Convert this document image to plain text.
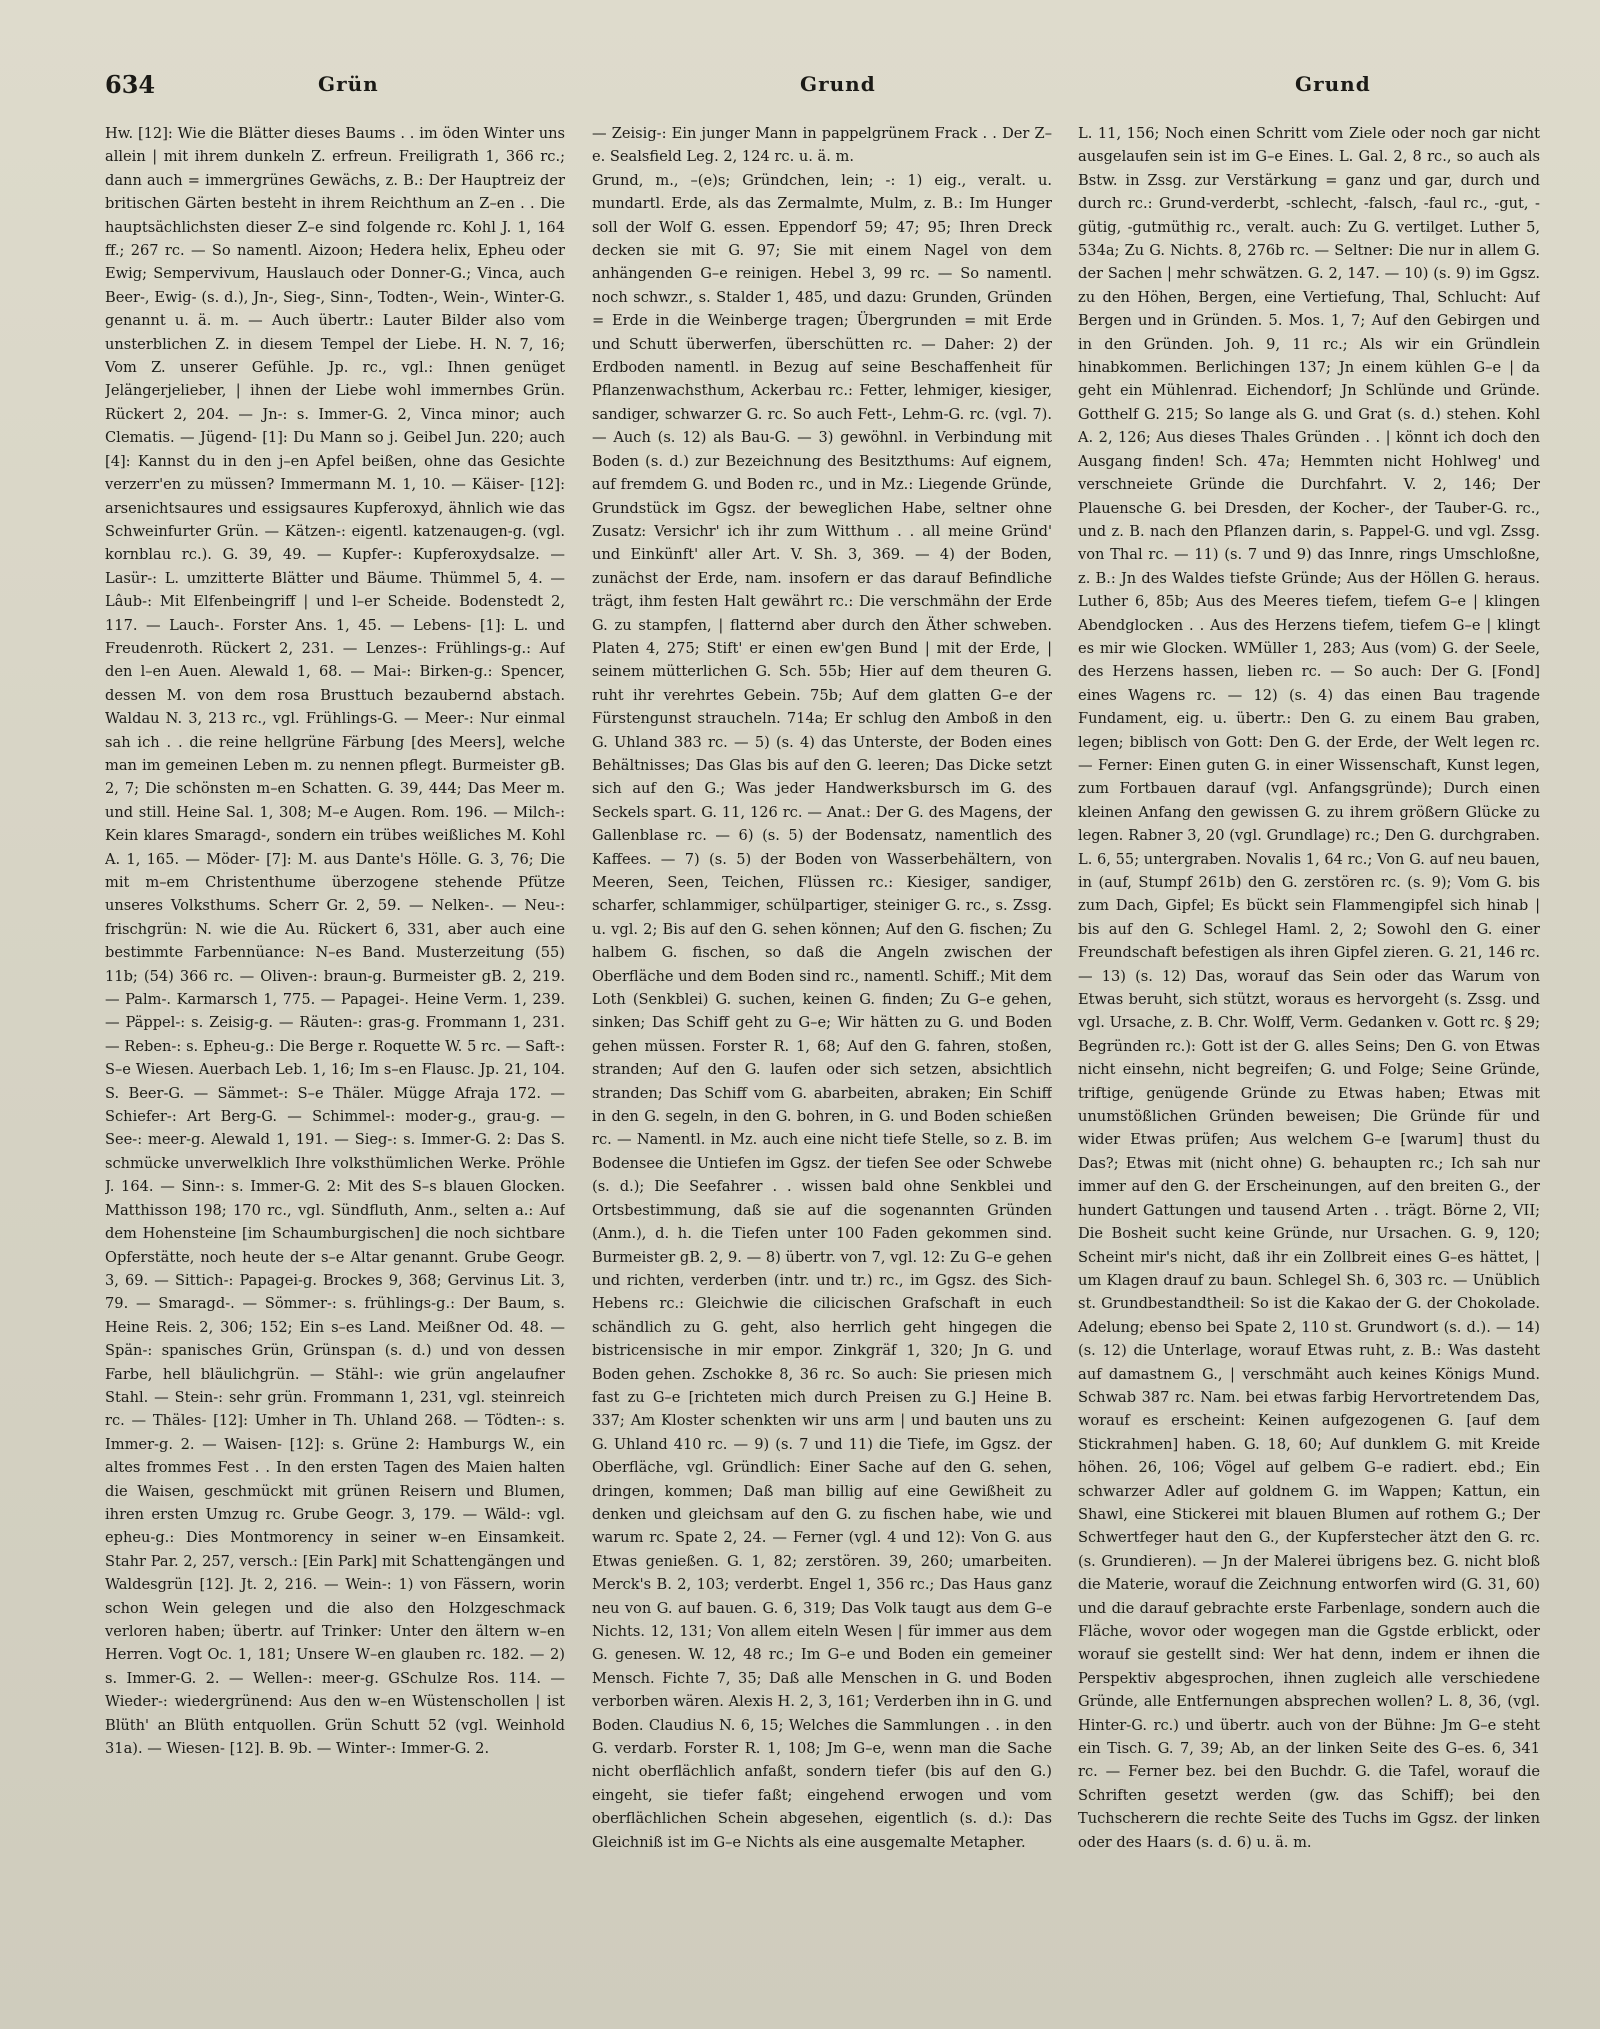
634	Grün	Grund	Grund

Hw. [12]: Wie die Blätter dieses Baums . . im öden Winter uns allein | mit ihrem dunkeln Z. erfreun. Freiligrath 1, 366 rc.; dann auch = immergrünes Gewächs, z. B.: Der Hauptreiz der britischen Gärten besteht in ihrem Reichthum an Z–en . . Die hauptsächlichsten dieser Z–e sind folgende rc. Kohl J. 1, 164 ff.; 267 rc. — So namentl. Aizoon; Hedera helix, Epheu oder Ewig; Sempervivum, Hauslauch oder Donner-G.; Vinca, auch Beer-, Ewig- (s. d.), Jn-, Sieg-, Sinn-, Todten-, Wein-, Winter-G. genannt u. ä. m. — Auch übertr.: Lauter Bilder also vom unsterblichen Z. in diesem Tempel der Liebe. H. N. 7, 16; Vom Z. unserer Gefühle. Jp. rc., vgl.: Ihnen genüget Jelängerjelieber, | ihnen der Liebe wohl immernbes Grün. Rückert 2, 204. — Jn-: s. Immer-G. 2, Vinca minor; auch Clematis. — Jügend- [1]: Du Mann so j. Geibel Jun. 220; auch [4]: Kannst du in den j–en Apfel beißen, ohne das Gesichte verzerr'en zu müssen? Immermann M. 1, 10. — Käiser- [12]: arsenichtsaures und essigsaures Kupferoxyd, ähnlich wie das Schweinfurter Grün. — Kätzen-: eigentl. katzenaugen-g. (vgl. kornblau rc.). G. 39, 49. — Kupfer-: Kupferoxydsalze. — Lasür-: L. umzitterte Blätter und Bäume. Thümmel 5, 4. — Lâub-: Mit Elfenbeingriff | und l–er Scheide. Bodenstedt 2, 117. — Lauch-. Forster Ans. 1, 45. — Lebens- [1]: L. und Freudenroth. Rückert 2, 231. — Lenzes-: Frühlings-g.: Auf den l–en Auen. Alewald 1, 68. — Mai-: Birken-g.: Spencer, dessen M. von dem rosa Brusttuch bezaubernd abstach. Waldau N. 3, 213 rc., vgl. Frühlings-G. — Meer-: Nur einmal sah ich . . die reine hellgrüne Färbung [des Meers], welche man im gemeinen Leben m. zu nennen pflegt. Burmeister gB. 2, 7; Die schönsten m–en Schatten. G. 39, 444; Das Meer m. und still. Heine Sal. 1, 308; M–e Augen. Rom. 196. — Milch-: Kein klares Smaragd-, sondern ein trübes weißliches M. Kohl A. 1, 165. — Möder- [7]: M. aus Dante's Hölle. G. 3, 76; Die mit m–em Christenthume überzogene stehende Pfütze unseres Volksthums. Scherr Gr. 2, 59. — Nelken-. — Neu-: frischgrün: N. wie die Au. Rückert 6, 331, aber auch eine bestimmte Farbennüance: N–es Band. Musterzeitung (55) 11b; (54) 366 rc. — Oliven-: braun-g. Burmeister gB. 2, 219. — Palm-. Karmarsch 1, 775. — Papagei-. Heine Verm. 1, 239. — Päppel-: s. Zeisig-g. — Räuten-: gras-g. Frommann 1, 231. — Reben-: s. Epheu-g.: Die Berge r. Roquette W. 5 rc. — Saft-: S–e Wiesen. Auerbach Leb. 1, 16; Im s–en Flausc. Jp. 21, 104. S. Beer-G. — Sämmet-: S–e Thäler. Mügge Afraja 172. — Schiefer-: Art Berg-G. — Schimmel-: moder-g., grau-g. — See-: meer-g. Alewald 1, 191. — Sieg-: s. Immer-G. 2: Das S. schmücke unverwelklich Ihre volksthümlichen Werke. Pröhle J. 164. — Sinn-: s. Immer-G. 2: Mit des S–s blauen Glocken. Matthisson 198; 170 rc., vgl. Sündfluth, Anm., selten a.: Auf dem Hohensteine [im Schaumburgischen] die noch sichtbare Opferstätte, noch heute der s–e Altar genannt. Grube Geogr. 3, 69. — Sittich-: Papagei-g. Brockes 9, 368; Gervinus Lit. 3, 79. — Smaragd-. — Sömmer-: s. frühlings-g.: Der Baum, s. Heine Reis. 2, 306; 152; Ein s–es Land. Meißner Od. 48. — Spän-: spanisches Grün, Grünspan (s. d.) und von dessen Farbe, hell bläulichgrün. — Stähl-: wie grün angelaufner Stahl. — Stein-: sehr grün. Frommann 1, 231, vgl. steinreich rc. — Thäles- [12]: Umher in Th. Uhland 268. — Tödten-: s. Immer-g. 2. — Waisen- [12]: s. Grüne 2: Hamburgs W., ein altes frommes Fest . . In den ersten Tagen des Maien halten die Waisen, geschmückt mit grünen Reisern und Blumen, ihren ersten Umzug rc. Grube Geogr. 3, 179. — Wäld-: vgl. epheu-g.: Dies Montmorency in seiner w–en Einsamkeit. Stahr Par. 2, 257, versch.: [Ein Park] mit Schattengängen und Waldesgrün [12]. Jt. 2, 216. — Wein-: 1) von Fässern, worin schon Wein gelegen und die also den Holzgeschmack verloren haben; übertr. auf Trinker: Unter den ältern w–en Herren. Vogt Oc. 1, 181; Unsere W–en glauben rc. 182. — 2) s. Immer-G. 2. — Wellen-: meer-g. GSchulze Ros. 114. — Wieder-: wiedergrünend: Aus den w–en Wüstenschollen | ist Blüth' an Blüth entquollen. Grün Schutt 52 (vgl. Weinhold 31a). — Wiesen- [12]. B. 9b. — Winter-: Immer-G. 2.

— Zeisig-: Ein junger Mann in pappelgrünem Frack . . Der Z–e. Sealsfield Leg. 2, 124 rc. u. ä. m.

Grund, m., –(e)s; Gründchen, lein; -: 1) eig., veralt. u. mundartl. Erde, als das Zermalmte, Mulm, z. B.: Im Hunger soll der Wolf G. essen. Eppendorf 59; 47; 95; Ihren Dreck decken sie mit G. 97; Sie mit einem Nagel von dem anhängenden G–e reinigen. Hebel 3, 99 rc. — So namentl. noch schwzr., s. Stalder 1, 485, und dazu: Grunden, Gründen = Erde in die Weinberge tragen; Übergrunden = mit Erde und Schutt überwerfen, überschütten rc. — Daher: 2) der Erdboden namentl. in Bezug auf seine Beschaffenheit für Pflanzenwachsthum, Ackerbau rc.: Fetter, lehmiger, kiesiger, sandiger, schwarzer G. rc. So auch Fett-, Lehm-G. rc. (vgl. 7). — Auch (s. 12) als Bau-G. — 3) gewöhnl. in Verbindung mit Boden (s. d.) zur Bezeichnung des Besitzthums: Auf eignem, auf fremdem G. und Boden rc., und in Mz.: Liegende Gründe, Grundstück im Ggsz. der beweglichen Habe, seltner ohne Zusatz: Versichr' ich ihr zum Witthum . . all meine Gründ' und Einkünft' aller Art. V. Sh. 3, 369. — 4) der Boden, zunächst der Erde, nam. insofern er das darauf Befindliche trägt, ihm festen Halt gewährt rc.: Die verschmähn der Erde G. zu stampfen, | flatternd aber durch den Äther schweben. Platen 4, 275; Stift' er einen ew'gen Bund | mit der Erde, | seinem mütterlichen G. Sch. 55b; Hier auf dem theuren G. ruht ihr verehrtes Gebein. 75b; Auf dem glatten G–e der Fürstengunst straucheln. 714a; Er schlug den Amboß in den G. Uhland 383 rc. — 5) (s. 4) das Unterste, der Boden eines Behältnisses; Das Glas bis auf den G. leeren; Das Dicke setzt sich auf den G.; Was jeder Handwerksbursch im G. des Seckels spart. G. 11, 126 rc. — Anat.: Der G. des Magens, der Gallenblase rc. — 6) (s. 5) der Bodensatz, namentlich des Kaffees. — 7) (s. 5) der Boden von Wasserbehältern, von Meeren, Seen, Teichen, Flüssen rc.: Kiesiger, sandiger, scharfer, schlammiger, schülpartiger, steiniger G. rc., s. Zssg. u. vgl. 2; Bis auf den G. sehen können; Auf den G. fischen; Zu halbem G. fischen, so daß die Angeln zwischen der Oberfläche und dem Boden sind rc., namentl. Schiff.; Mit dem Loth (Senkblei) G. suchen, keinen G. finden; Zu G–e gehen, sinken; Das Schiff geht zu G–e; Wir hätten zu G. und Boden gehen müssen. Forster R. 1, 68; Auf den G. fahren, stoßen, stranden; Auf den G. laufen oder sich setzen, absichtlich stranden; Das Schiff vom G. abarbeiten, abraken; Ein Schiff in den G. segeln, in den G. bohren, in G. und Boden schießen rc. — Namentl. in Mz. auch eine nicht tiefe Stelle, so z. B. im Bodensee die Untiefen im Ggsz. der tiefen See oder Schwebe (s. d.); Die Seefahrer . . wissen bald ohne Senkblei und Ortsbestimmung, daß sie auf die sogenannten Gründen (Anm.), d. h. die Tiefen unter 100 Faden gekommen sind. Burmeister gB. 2, 9. — 8) übertr. von 7, vgl. 12: Zu G–e gehen und richten, verderben (intr. und tr.) rc., im Ggsz. des Sich-Hebens rc.: Gleichwie die cilicischen Grafschaft in euch schändlich zu G. geht, also herrlich geht hingegen die bistricensische in mir empor. Zinkgräf 1, 320; Jn G. und Boden gehen. Zschokke 8, 36 rc. So auch: Sie priesen mich fast zu G–e [richteten mich durch Preisen zu G.] Heine B. 337; Am Kloster schenkten wir uns arm | und bauten uns zu G. Uhland 410 rc. — 9) (s. 7 und 11) die Tiefe, im Ggsz. der Oberfläche, vgl. Gründlich: Einer Sache auf den G. sehen, dringen, kommen; Daß man billig auf eine Gewißheit zu denken und gleichsam auf den G. zu fischen habe, wie und warum rc. Spate 2, 24. — Ferner (vgl. 4 und 12): Von G. aus Etwas genießen. G. 1, 82; zerstören. 39, 260; umarbeiten. Merck's B. 2, 103; verderbt. Engel 1, 356 rc.; Das Haus ganz neu von G. auf bauen. G. 6, 319; Das Volk taugt aus dem G–e Nichts. 12, 131; Von allem eiteln Wesen | für immer aus dem G. genesen. W. 12, 48 rc.; Im G–e und Boden ein gemeiner Mensch. Fichte 7, 35; Daß alle Menschen in G. und Boden verborben wären. Alexis H. 2, 3, 161; Verderben ihn in G. und Boden. Claudius N. 6, 15; Welches die Sammlungen . . in den G. verdarb. Forster R. 1, 108; Jm G–e, wenn man die Sache nicht oberflächlich anfaßt, sondern tiefer (bis auf den G.) eingeht, sie tiefer faßt; eingehend erwogen und vom oberflächlichen Schein abgesehen, eigentlich (s. d.): Das Gleichniß ist im G–e Nichts als eine ausgemalte Metapher.

L. 11, 156; Noch einen Schritt vom Ziele oder noch gar nicht ausgelaufen sein ist im G–e Eines. L. Gal. 2, 8 rc., so auch als Bstw. in Zssg. zur Verstärkung = ganz und gar, durch und durch rc.: Grund-verderbt, -schlecht, -falsch, -faul rc., -gut, -gütig, -gutmüthig rc., veralt. auch: Zu G. vertilget. Luther 5, 534a; Zu G. Nichts. 8, 276b rc. — Seltner: Die nur in allem G. der Sachen | mehr schwätzen. G. 2, 147. — 10) (s. 9) im Ggsz. zu den Höhen, Bergen, eine Vertiefung, Thal, Schlucht: Auf Bergen und in Gründen. 5. Mos. 1, 7; Auf den Gebirgen und in den Gründen. Joh. 9, 11 rc.; Als wir ein Gründlein hinabkommen. Berlichingen 137; Jn einem kühlen G–e | da geht ein Mühlenrad. Eichendorf; Jn Schlünde und Gründe. Gotthelf G. 215; So lange als G. und Grat (s. d.) stehen. Kohl A. 2, 126; Aus dieses Thales Gründen . . | könnt ich doch den Ausgang finden! Sch. 47a; Hemmten nicht Hohlweg' und verschneiete Gründe die Durchfahrt. V. 2, 146; Der Plauensche G. bei Dresden, der Kocher-, der Tauber-G. rc., und z. B. nach den Pflanzen darin, s. Pappel-G. und vgl. Zssg. von Thal rc. — 11) (s. 7 und 9) das Innre, rings Umschloßne, z. B.: Jn des Waldes tiefste Gründe; Aus der Höllen G. heraus. Luther 6, 85b; Aus des Meeres tiefem, tiefem G–e | klingen Abendglocken . . Aus des Herzens tiefem, tiefem G–e | klingt es mir wie Glocken. WMüller 1, 283; Aus (vom) G. der Seele, des Herzens hassen, lieben rc. — So auch: Der G. [Fond] eines Wagens rc. — 12) (s. 4) das einen Bau tragende Fundament, eig. u. übertr.: Den G. zu einem Bau graben, legen; biblisch von Gott: Den G. der Erde, der Welt legen rc. — Ferner: Einen guten G. in einer Wissenschaft, Kunst legen, zum Fortbauen darauf (vgl. Anfangsgründe); Durch einen kleinen Anfang den gewissen G. zu ihrem größern Glücke zu legen. Rabner 3, 20 (vgl. Grundlage) rc.; Den G. durchgraben. L. 6, 55; untergraben. Novalis 1, 64 rc.; Von G. auf neu bauen, in (auf, Stumpf 261b) den G. zerstören rc. (s. 9); Vom G. bis zum Dach, Gipfel; Es bückt sein Flammengipfel sich hinab | bis auf den G. Schlegel Haml. 2, 2; Sowohl den G. einer Freundschaft befestigen als ihren Gipfel zieren. G. 21, 146 rc. — 13) (s. 12) Das, worauf das Sein oder das Warum von Etwas beruht, sich stützt, woraus es hervorgeht (s. Zssg. und vgl. Ursache, z. B. Chr. Wolff, Verm. Gedanken v. Gott rc. § 29; Begründen rc.): Gott ist der G. alles Seins; Den G. von Etwas nicht einsehn, nicht begreifen; G. und Folge; Seine Gründe, triftige, genügende Gründe zu Etwas haben; Etwas mit unumstößlichen Gründen beweisen; Die Gründe für und wider Etwas prüfen; Aus welchem G–e [warum] thust du Das?; Etwas mit (nicht ohne) G. behaupten rc.; Ich sah nur immer auf den G. der Erscheinungen, auf den breiten G., der hundert Gattungen und tausend Arten . . trägt. Börne 2, VII; Die Bosheit sucht keine Gründe, nur Ursachen. G. 9, 120; Scheint mir's nicht, daß ihr ein Zollbreit eines G–es hättet, | um Klagen drauf zu baun. Schlegel Sh. 6, 303 rc. — Unüblich st. Grundbestandtheil: So ist die Kakao der G. der Chokolade. Adelung; ebenso bei Spate 2, 110 st. Grundwort (s. d.). — 14) (s. 12) die Unterlage, worauf Etwas ruht, z. B.: Was dasteht auf damastnem G., | verschmäht auch keines Königs Mund. Schwab 387 rc. Nam. bei etwas farbig Hervortretendem Das, worauf es erscheint: Keinen aufgezogenen G. [auf dem Stickrahmen] haben. G. 18, 60; Auf dunklem G. mit Kreide höhen. 26, 106; Vögel auf gelbem G–e radiert. ebd.; Ein schwarzer Adler auf goldnem G. im Wappen; Kattun, ein Shawl, eine Stickerei mit blauen Blumen auf rothem G.; Der Schwertfeger haut den G., der Kupferstecher ätzt den G. rc. (s. Grundieren). — Jn der Malerei übrigens bez. G. nicht bloß die Materie, worauf die Zeichnung entworfen wird (G. 31, 60) und die darauf gebrachte erste Farbenlage, sondern auch die Fläche, wovor oder wogegen man die Ggstde erblickt, oder worauf sie gestellt sind: Wer hat denn, indem er ihnen die Perspektiv abgesprochen, ihnen zugleich alle verschiedene Gründe, alle Entfernungen absprechen wollen? L. 8, 36, (vgl. Hinter-G. rc.) und übertr. auch von der Bühne: Jm G–e steht ein Tisch. G. 7, 39; Ab, an der linken Seite des G–es. 6, 341 rc. — Ferner bez. bei den Buchdr. G. die Tafel, worauf die Schriften gesetzt werden (gw. das Schiff); bei den Tuchscherern die rechte Seite des Tuchs im Ggsz. der linken oder des Haars (s. d. 6) u. ä. m.
